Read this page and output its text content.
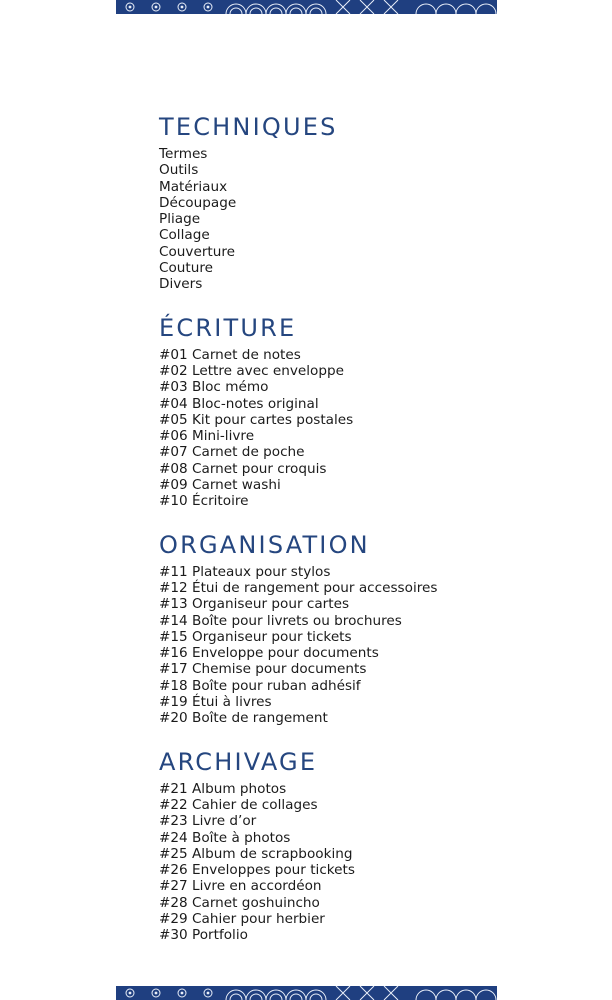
TECHNIQUES
Termes
Outils
Matériaux
Découpage
Pliage
Collage
Couverture
Couture
Divers
ÉCRITURE
#01 Carnet de notes
#02 Lettre avec enveloppe
#03 Bloc mémo
#04 Bloc-notes original
#05 Kit pour cartes postales
#06 Mini-livre
#07 Carnet de poche
#08 Carnet pour croquis
#09 Carnet washi
#10 Écritoire
ORGANISATION
#11 Plateaux pour stylos
#12 Étui de rangement pour accessoires
#13 Organiseur pour cartes
#14 Boîte pour livrets ou brochures
#15 Organiseur pour tickets
#16 Enveloppe pour documents
#17 Chemise pour documents
#18 Boîte pour ruban adhésif
#19 Étui à livres
#20 Boîte de rangement
ARCHIVAGE
#21 Album photos
#22 Cahier de collages
#23 Livre d’or
#24 Boîte à photos
#25 Album de scrapbooking
#26 Enveloppes pour tickets
#27 Livre en accordéon
#28 Carnet goshuincho
#29 Cahier pour herbier
#30 Portfolio
